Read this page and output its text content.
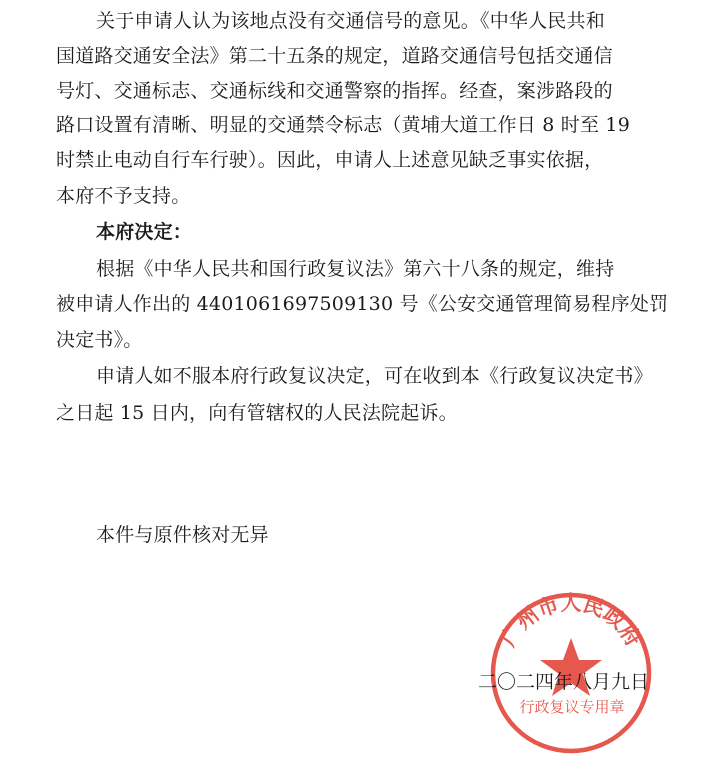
关于申请人认为该地点没有交通信号的意见。《中华人民共和
国道路交通安全法》第二十五条的规定，道路交通信号包括交通信
号灯、交通标志、交通标线和交通警察的指挥。经查，案涉路段的
路口设置有清晰、明显的交通禁令标志（黄埔大道工作日 8 时至 19
时禁止电动自行车行驶）。因此，申请人上述意见缺乏事实依据，
本府不予支持。
本府决定：
根据《中华人民共和国行政复议法》第六十八条的规定，维持
被申请人作出的 4401061697509130 号《公安交通管理简易程序处罚
决定书》。
申请人如不服本府行政复议决定，可在收到本《行政复议决定书》
之日起 15 日内，向有管辖权的人民法院起诉。
本件与原件核对无异
广州市人民政府
行政复议专用章
二〇二四年八月九日
